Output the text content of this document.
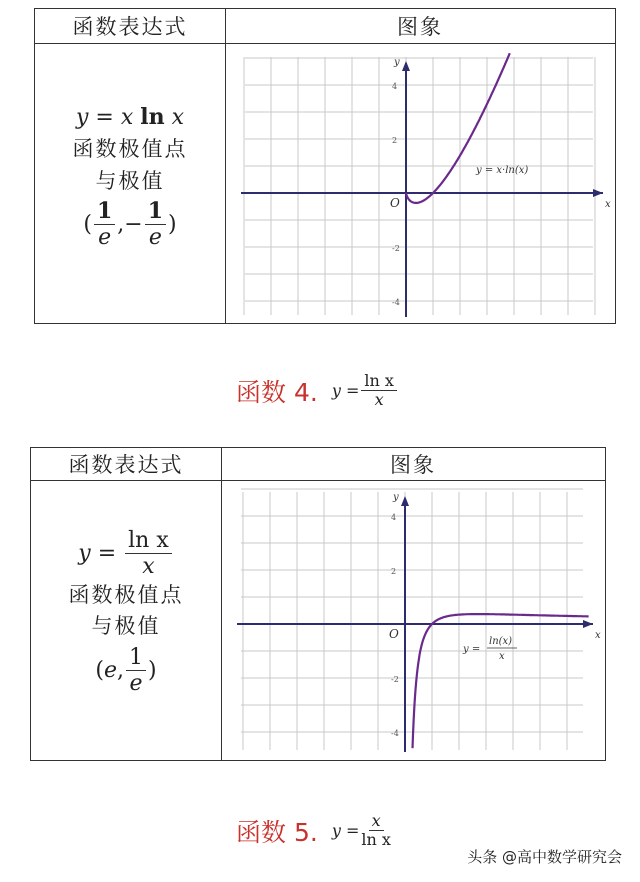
函数表达式	图象
y = x ln x
函数极值点
与极值
( $\frac{1}{e}$ ,− $\frac{1}{e}$ )
x
y
O
2
-2
4
-4
y = x·ln(x)
函数 4. y
= $\frac{\text{ln x}}{x}$
函数表达式	图象
y
=
$\frac{\text{ln x}}{x}$
函数极值点
与极值
( e , $\frac{1}{e}$ )
x
y
O
2
-2
4
-4
y =
ln(x)
x
函数 5. y
= $\frac{x}{\text{ln x}}$
头条 @高中数学研究会
